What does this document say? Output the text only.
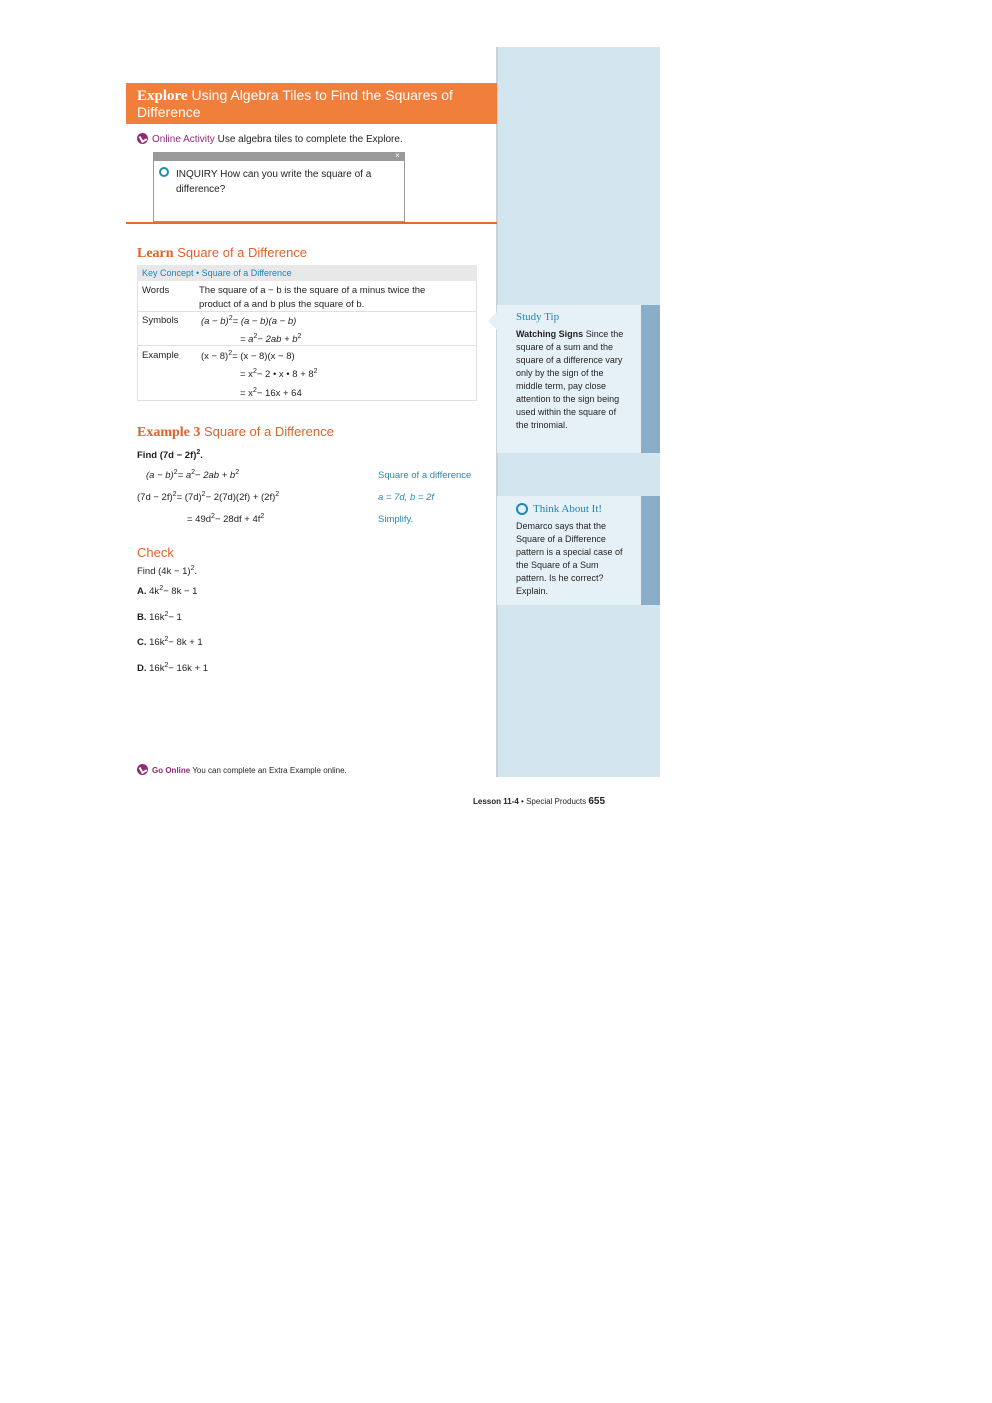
Explore Using Algebra Tiles to Find the Squares of Difference
Online Activity Use algebra tiles to complete the Explore.
×
INQUIRY How can you write the square of a difference?
Learn Square of a Difference
Key Concept • Square of a Difference
Words	The square of a − b is the square of a minus twice the
product of a and b plus the square of b.
Symbols $(a - b)^2= (a - b)(a - b)$
= $a^2- 2ab + b^2$
Example $(x - 8)^2= (x - 8)(x - 8)$
= $x^2- 2$ • x • $8 + 8^2$
= $x^2- 16x + 64$
Example 3 Square of a Difference
Find $(7d - 2f)^2$.
$(a - b)^2= a^2- 2ab + b^2$	Square of a difference
$(7d - 2f)^2= (7d)^2- 2(7d)(2f) + (2f)^2$	a = 7d, b = 2f
= $49d^2- 28df + 4f^2$	Simplify.
Check
Find $(4k - 1)^2$.
A. $4k^2- 8k - 1$
B. $16k^2- 1$
C. $16k^2- 8k + 1$
D. $16k^2- 16k + 1$
Go Online You can complete an Extra Example online.
Study Tip
Watching Signs Since the square of a sum and the square of a difference vary only by the sign of the middle term, pay close attention to the sign being used within the square of the trinomial.
Think About It!
Demarco says that the Square of a Difference pattern is a special case of the Square of a Sum pattern. Is he correct? Explain.
Lesson 11-4 • Special Products 655
